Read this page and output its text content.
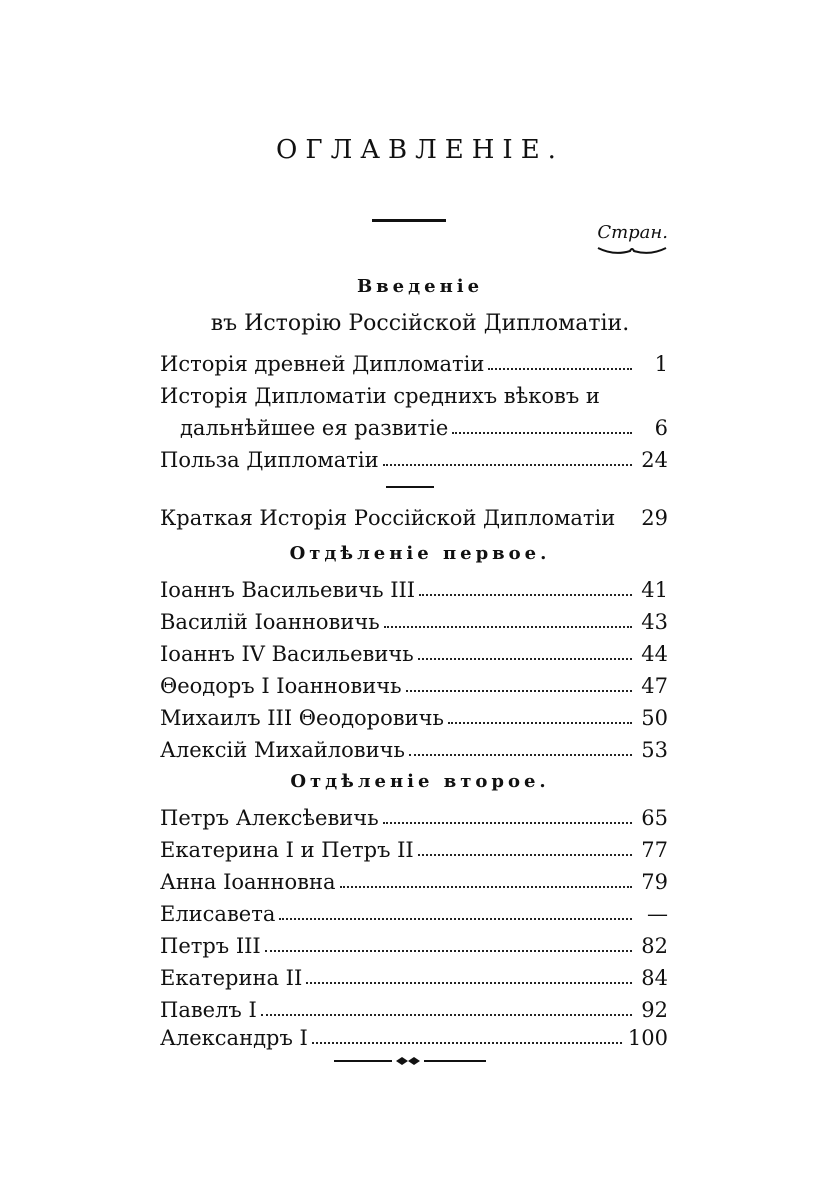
ОГЛАВЛЕНІЕ.
Стран.
Введеніе
въ Исторію Россійской Дипломатіи.
Исторія древней Дипломатіи	1
Исторія Дипломатіи среднихъ вѣковъ и
дальнѣйшее ея развитіе	6
Польза Дипломатіи	24
Краткая Исторія Россійской Дипломатіи 29
Отдѣленіе первое.
Іоаннъ Васильевичь III	41
Василій Іоанновичь	43
Іоаннъ IV Васильевичь	44
Θеодоръ I Іоанновичь	47
Михаилъ III Θеодоровичь	50
Алексій Михайловичь	53
Отдѣленіе второе.
Петръ Алексѣевичь	65
Екатерина I и Петръ II	77
Анна Іоанновна	79
Елисавета	—
Петръ III	82
Екатерина II	84
Павелъ I	92
Александръ I	100
